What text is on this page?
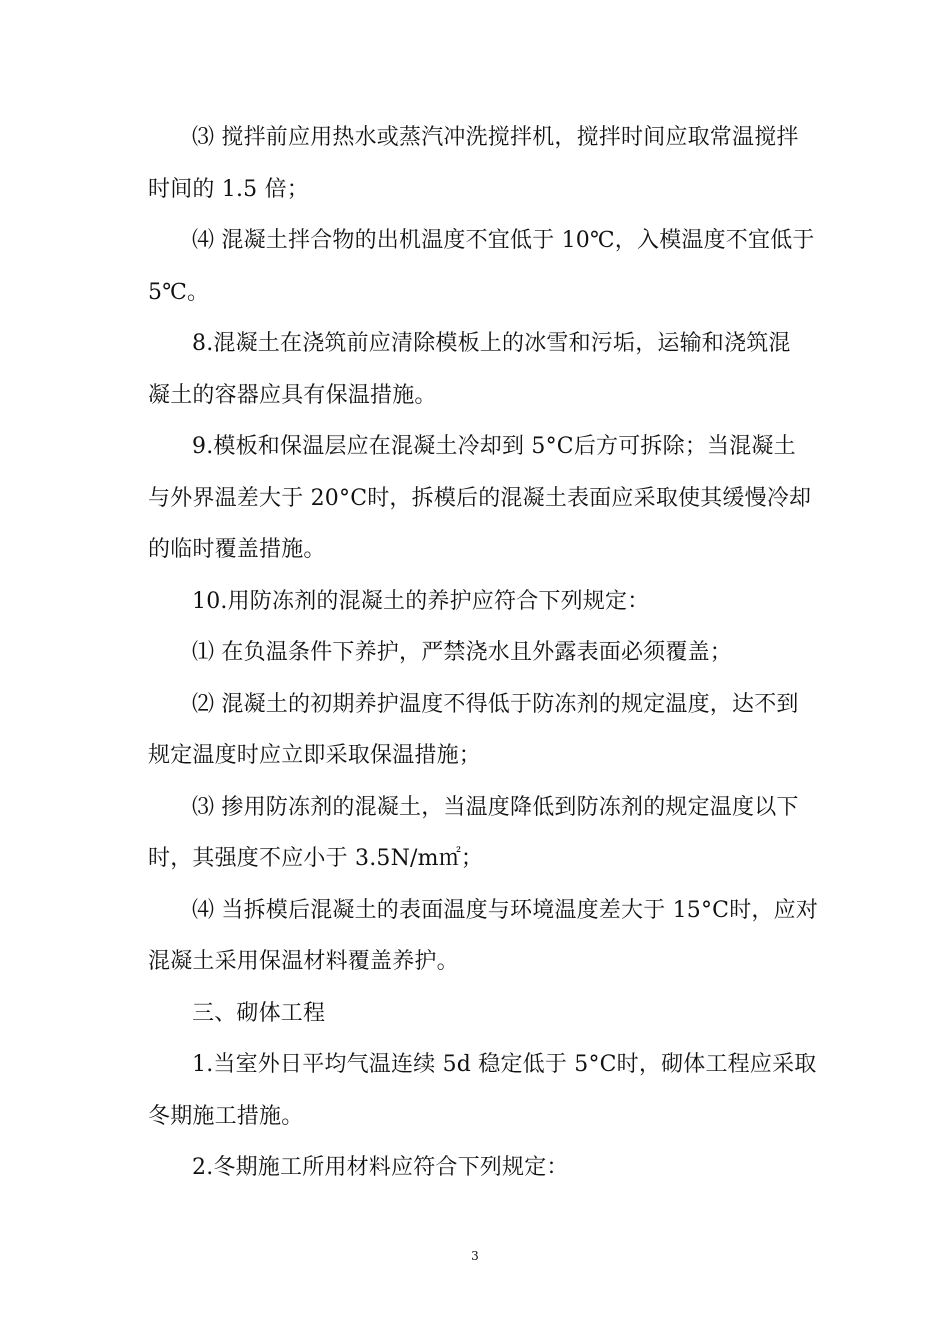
⑶ 搅拌前应用热水或蒸汽冲洗搅拌机，搅拌时间应取常温搅拌
时间的 1.5 倍；
⑷ 混凝土拌合物的出机温度不宜低于 10℃，入模温度不宜低于
5℃。
8.混凝土在浇筑前应清除模板上的冰雪和污垢，运输和浇筑混
凝土的容器应具有保温措施。
9.模板和保温层应在混凝土冷却到 5°C后方可拆除；当混凝土
与外界温差大于 20°C时，拆模后的混凝土表面应采取使其缓慢冷却
的临时覆盖措施。
10.用防冻剂的混凝土的养护应符合下列规定：
⑴ 在负温条件下养护，严禁浇水且外露表面必须覆盖；
⑵ 混凝土的初期养护温度不得低于防冻剂的规定温度，达不到
规定温度时应立即采取保温措施；
⑶ 掺用防冻剂的混凝土，当温度降低到防冻剂的规定温度以下
时，其强度不应小于 3.5N/m㎡；
⑷ 当拆模后混凝土的表面温度与环境温度差大于 15°C时，应对
混凝土采用保温材料覆盖养护。
三、砌体工程
1.当室外日平均气温连续 5d 稳定低于 5°C时，砌体工程应采取
冬期施工措施。
2.冬期施工所用材料应符合下列规定：
3
